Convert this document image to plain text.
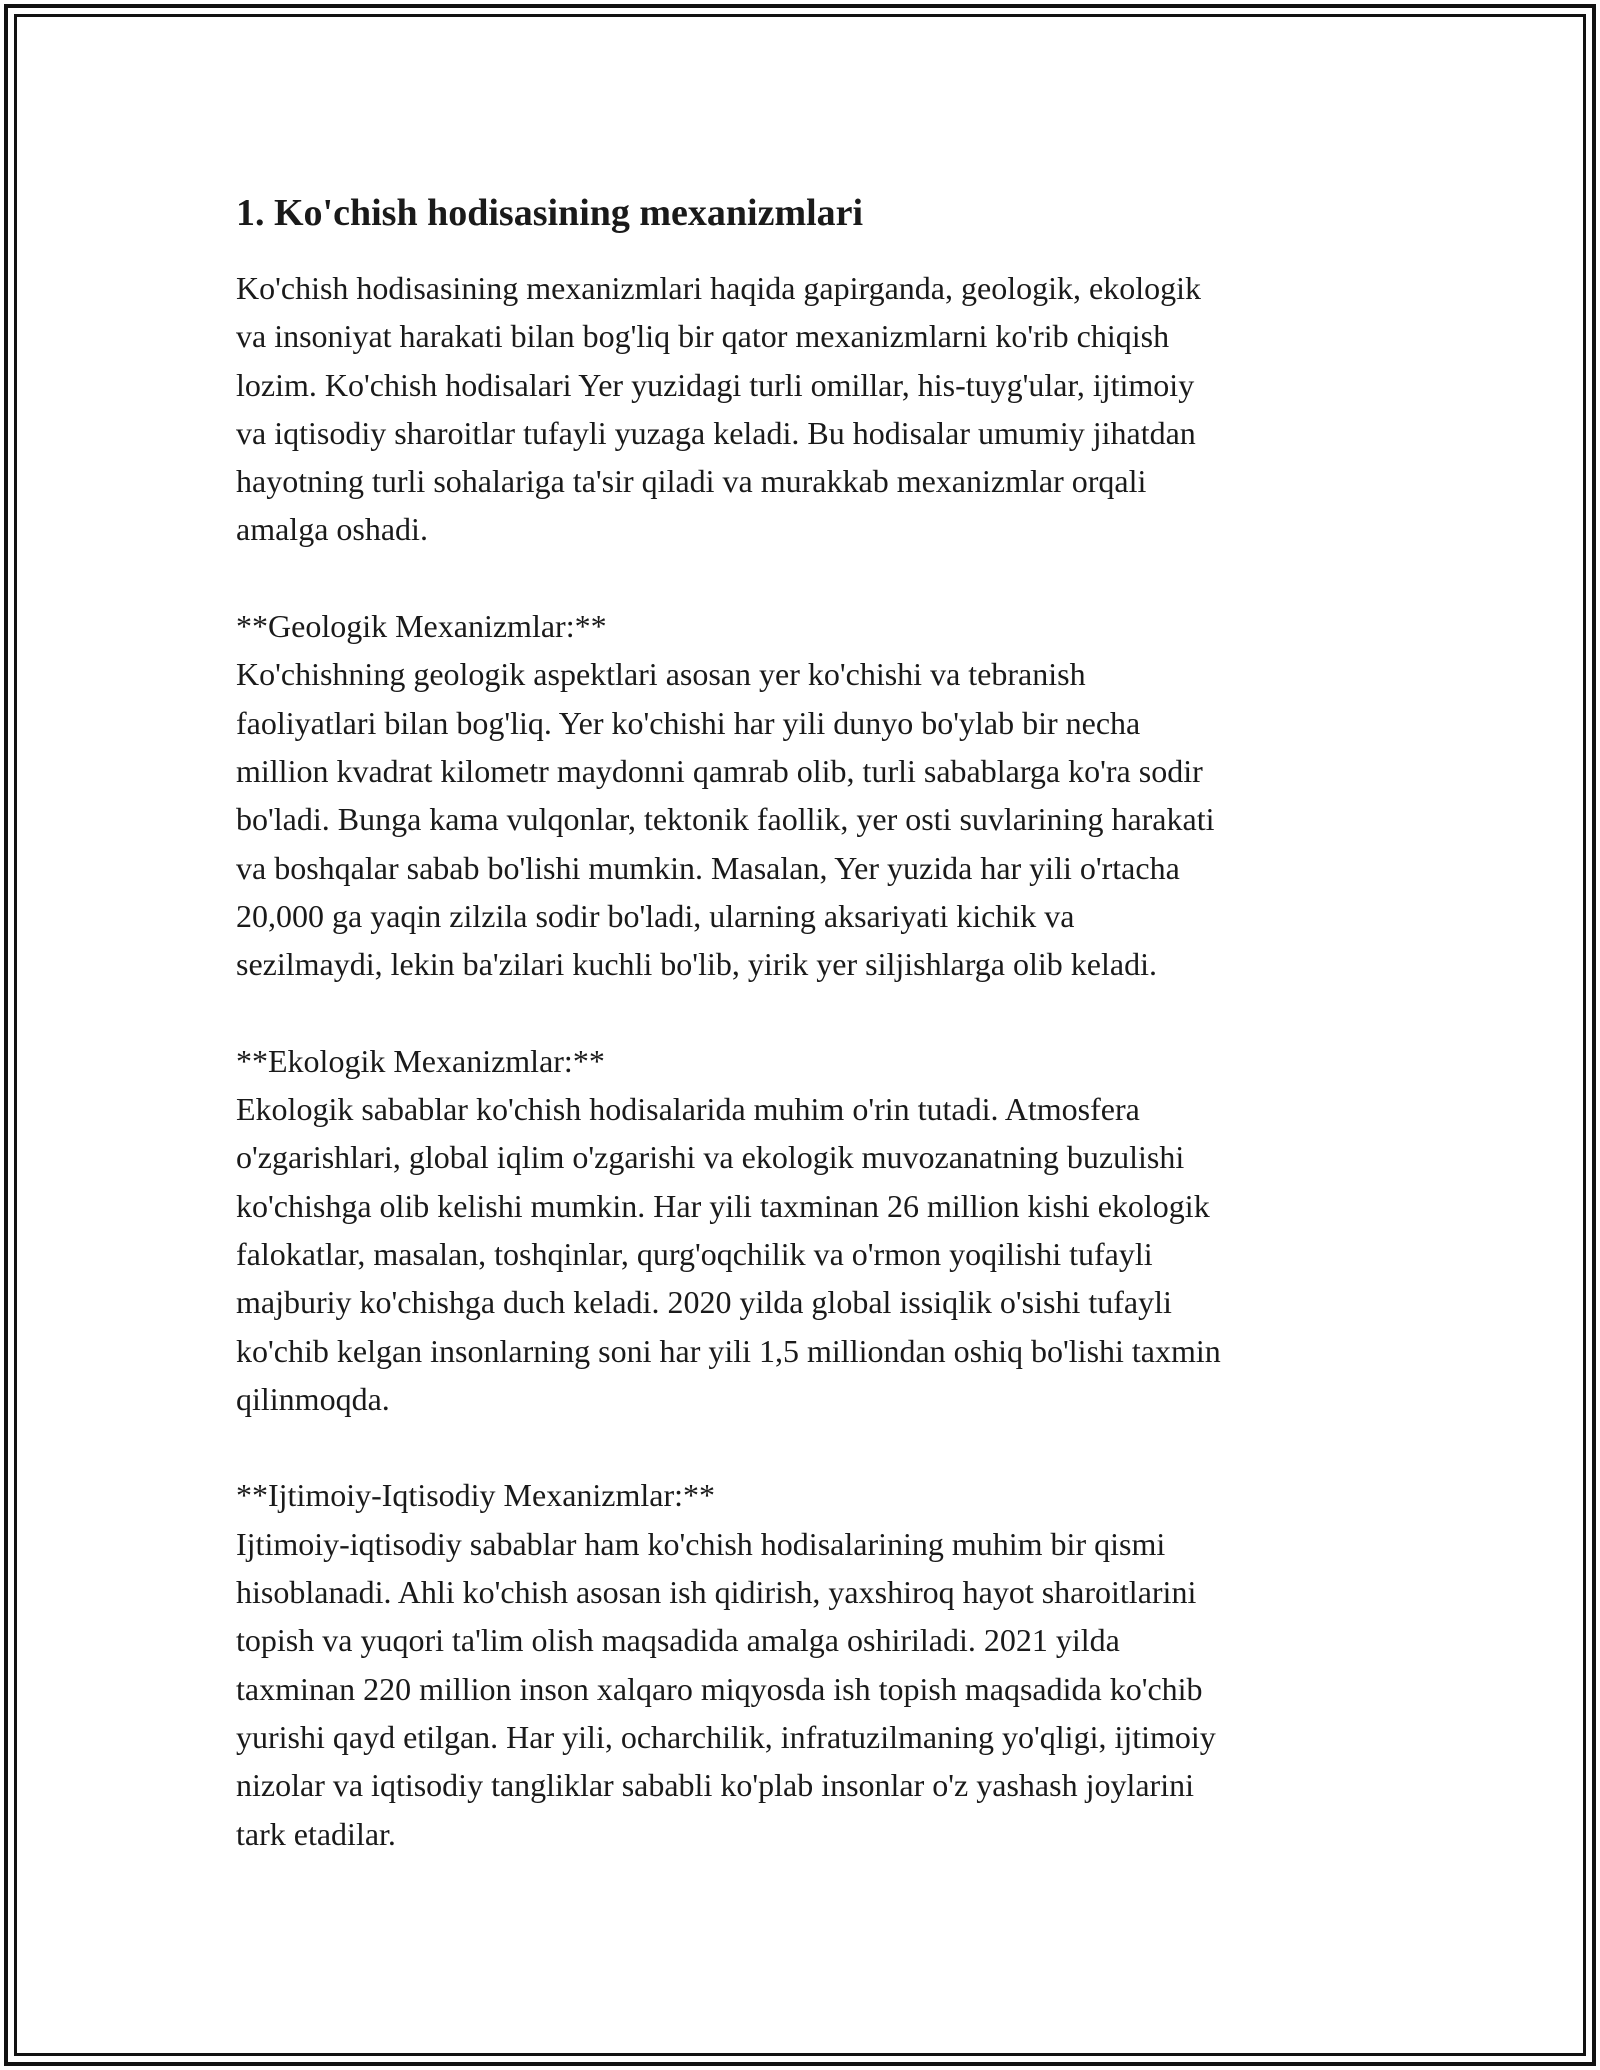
1. Ko'chish hodisasining mexanizmlari

Ko'chish hodisasining mexanizmlari haqida gapirganda, geologik, ekologik
va insoniyat harakati bilan bog'liq bir qator mexanizmlarni ko'rib chiqish
lozim. Ko'chish hodisalari Yer yuzidagi turli omillar, his-tuyg'ular, ijtimoiy
va iqtisodiy sharoitlar tufayli yuzaga keladi. Bu hodisalar umumiy jihatdan
hayotning turli sohalariga ta'sir qiladi va murakkab mexanizmlar orqali
amalga oshadi.

**Geologik Mexanizmlar:**

Ko'chishning geologik aspektlari asosan yer ko'chishi va tebranish
faoliyatlari bilan bog'liq. Yer ko'chishi har yili dunyo bo'ylab bir necha
million kvadrat kilometr maydonni qamrab olib, turli sabablarga ko'ra sodir
bo'ladi. Bunga kama vulqonlar, tektonik faollik, yer osti suvlarining harakati
va boshqalar sabab bo'lishi mumkin. Masalan, Yer yuzida har yili o'rtacha
20,000 ga yaqin zilzila sodir bo'ladi, ularning aksariyati kichik va
sezilmaydi, lekin ba'zilari kuchli bo'lib, yirik yer siljishlarga olib keladi.

**Ekologik Mexanizmlar:**

Ekologik sabablar ko'chish hodisalarida muhim o'rin tutadi. Atmosfera
o'zgarishlari, global iqlim o'zgarishi va ekologik muvozanatning buzulishi
ko'chishga olib kelishi mumkin. Har yili taxminan 26 million kishi ekologik
falokatlar, masalan, toshqinlar, qurg'oqchilik va o'rmon yoqilishi tufayli
majburiy ko'chishga duch keladi. 2020 yilda global issiqlik o'sishi tufayli
ko'chib kelgan insonlarning soni har yili 1,5 milliondan oshiq bo'lishi taxmin
qilinmoqda.

**Ijtimoiy-Iqtisodiy Mexanizmlar:**

Ijtimoiy-iqtisodiy sabablar ham ko'chish hodisalarining muhim bir qismi
hisoblanadi. Ahli ko'chish asosan ish qidirish, yaxshiroq hayot sharoitlarini
topish va yuqori ta'lim olish maqsadida amalga oshiriladi. 2021 yilda
taxminan 220 million inson xalqaro miqyosda ish topish maqsadida ko'chib
yurishi qayd etilgan. Har yili, ocharchilik, infratuzilmaning yo'qligi, ijtimoiy
nizolar va iqtisodiy tangliklar sababli ko'plab insonlar o'z yashash joylarini
tark etadilar.
